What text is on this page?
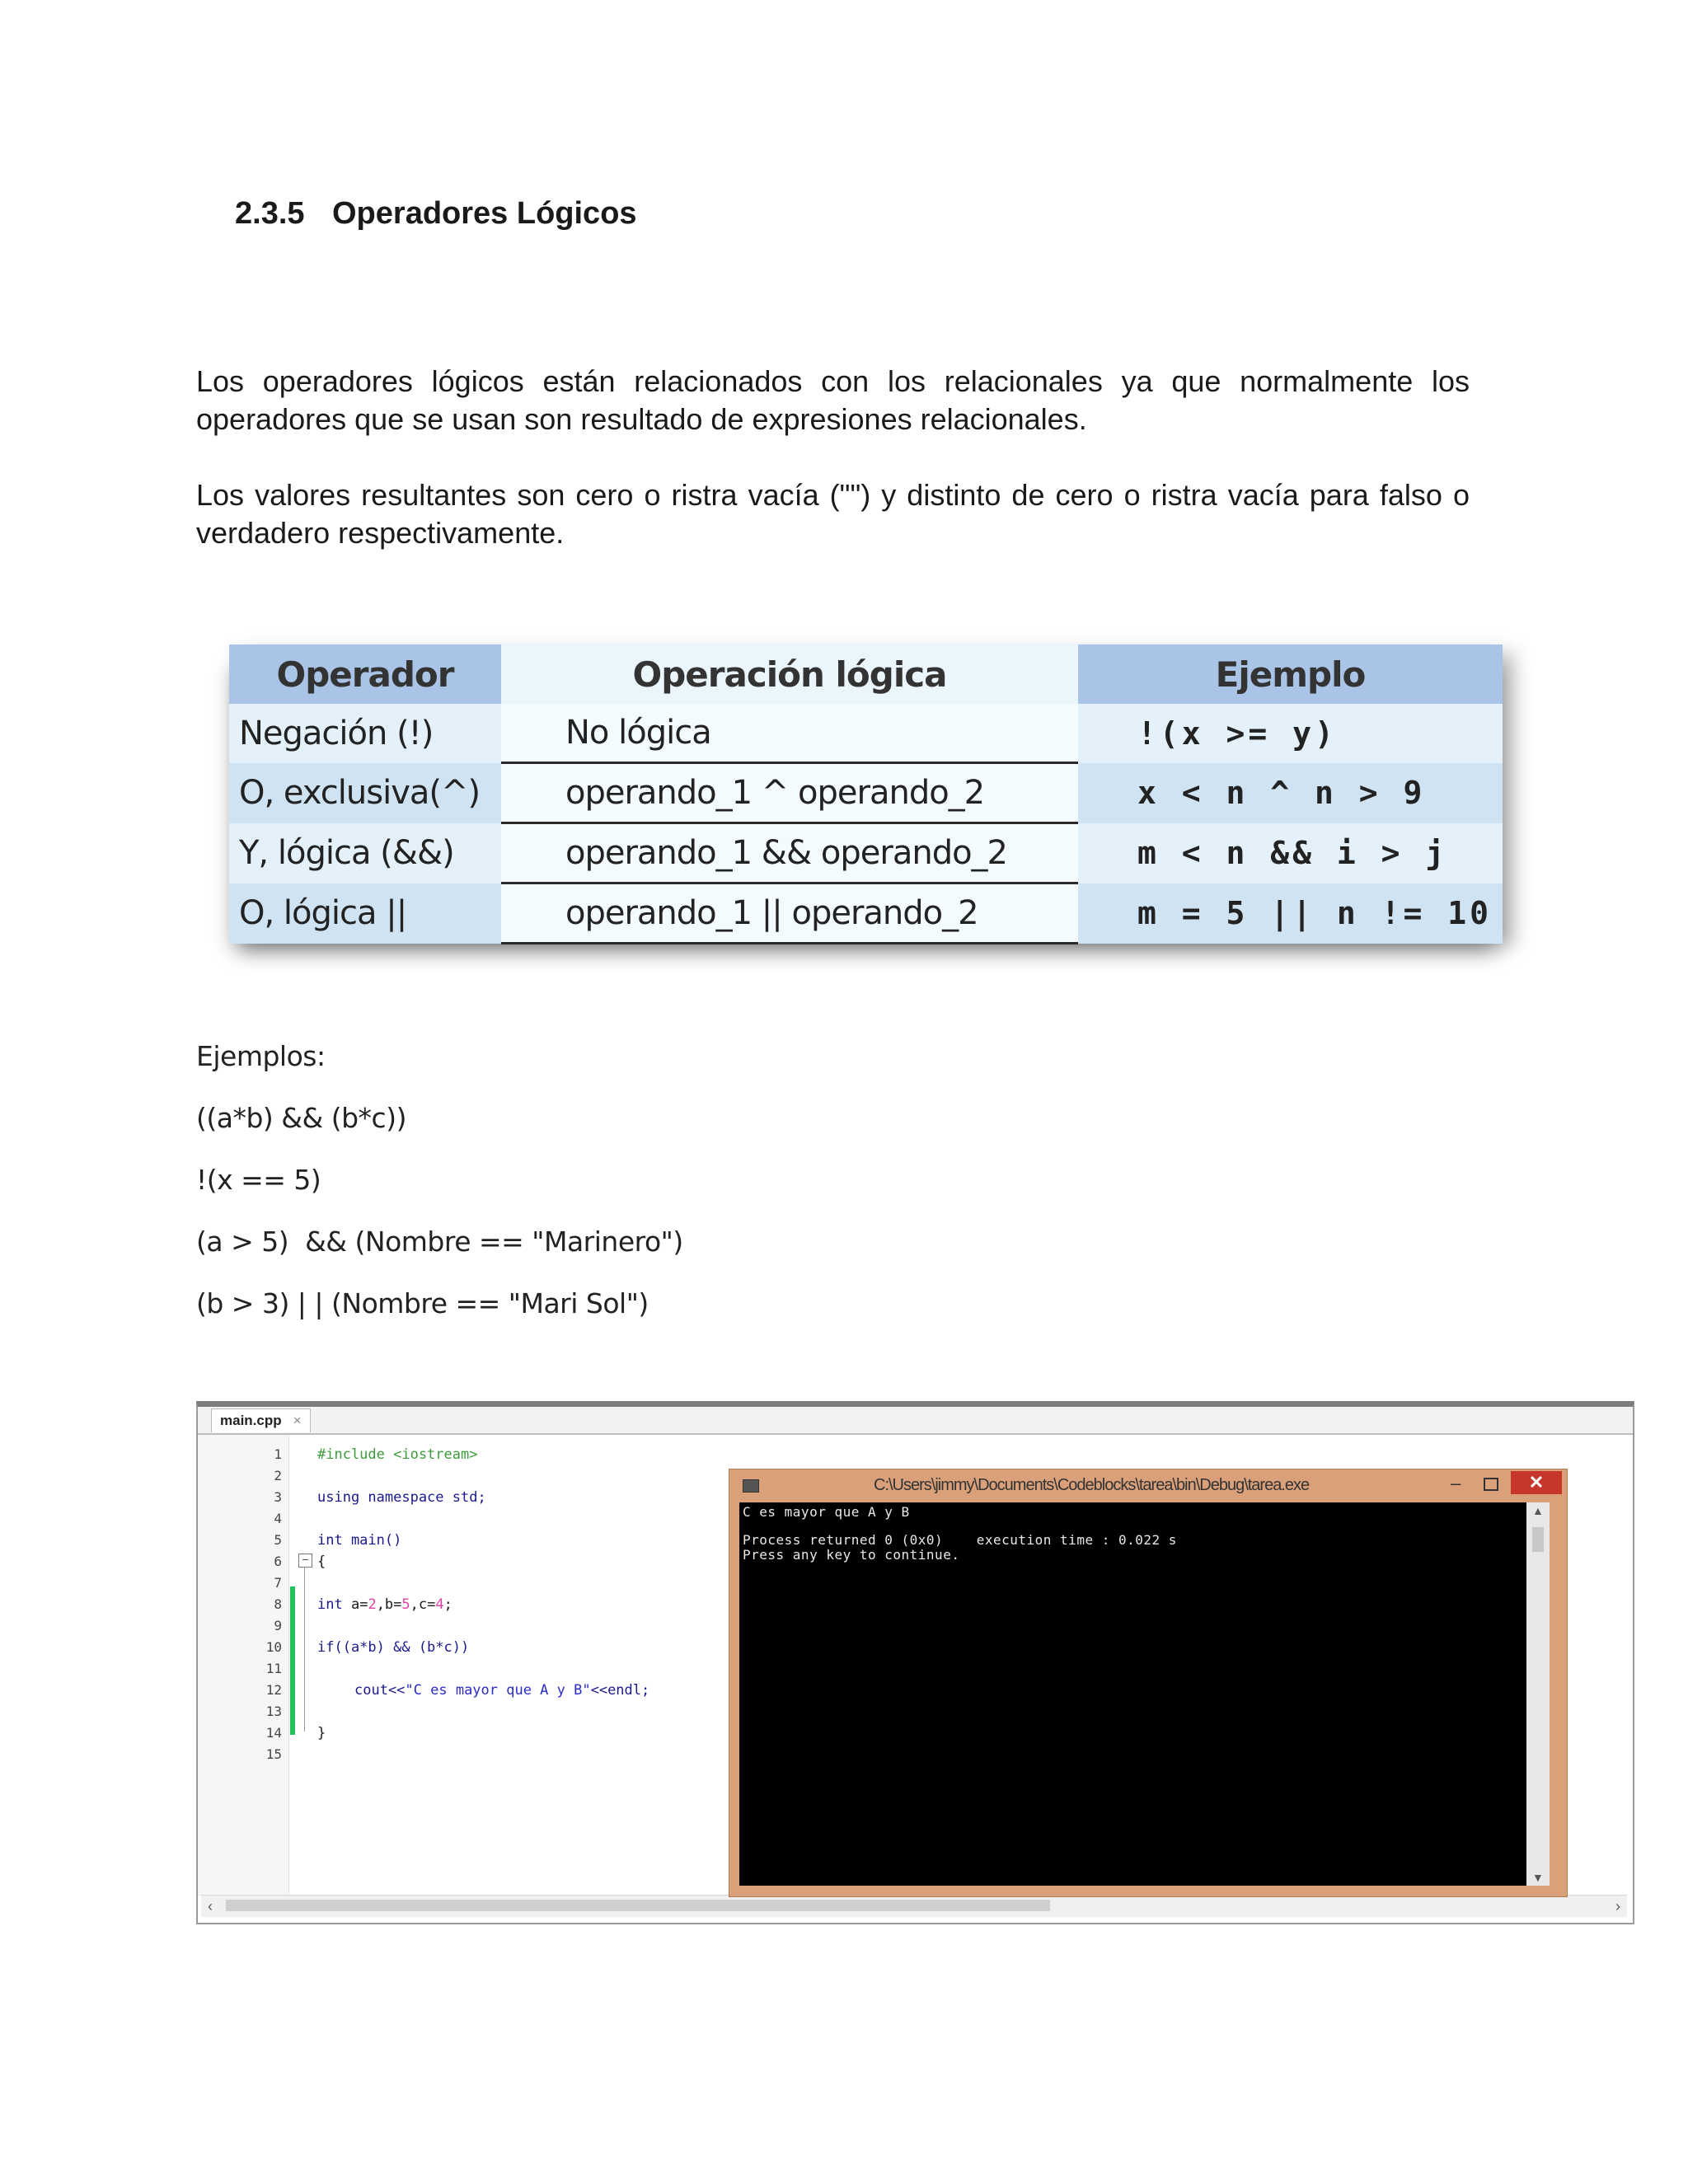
2.3.5 Operadores Lógicos
Los operadores lógicos están relacionados con los relacionales ya que normalmente los operadores que se usan son resultado de expresiones relacionales.
Los valores resultantes son cero o ristra vacía ("") y distinto de cero o ristra vacía para falso o verdadero respectivamente.
Operador	Operación lógica	Ejemplo
Negación (!)	No lógica	!(x >= y)
O, exclusiva(^)	operando_1 ^ operando_2	x < n ^ n > 9
Y, lógica (&&)	operando_1 && operando_2	m < n && i > j
O, lógica ||	operando_1 || operando_2	m = 5 || n != 10
Ejemplos:
((a*b) && (b*c))
!(x == 5)
(a > 5)  && (Nombre == "Marinero")
(b > 3) | | (Nombre == "Mari Sol")
main.cpp ×
1
2
3
4
5
6
7
8
9
10
11
12
13
14
15
−
#include <iostream>
using namespace std;
int main()
{
int a=2,b=5,c=4;
if((a*b) && (b*c))
cout<<"C es mayor que A y B"<<endl;
}
‹	›
C:\Users\jimmy\Documents\Codeblocks\tarea\bin\Debug\tarea.exe	–	✕
C es mayor que A y B
Process returned 0 (0x0)    execution time : 0.022 s
Press any key to continue.
▲
▼
